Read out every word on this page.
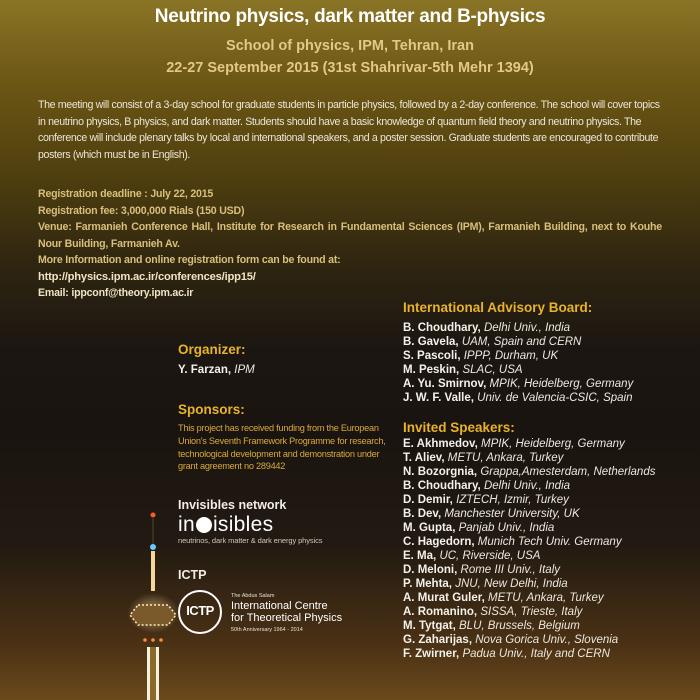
Neutrino physics, dark matter and B-physics
School of physics, IPM, Tehran, Iran
22-27 September 2015 (31st Shahrivar-5th Mehr 1394)
The meeting will consist of a 3-day school for graduate students in particle physics, followed by a 2-day conference. The school will cover topics in neutrino physics, B physics, and dark matter. Students should have a basic knowledge of quantum field theory and neutrino physics. The conference will include plenary talks by local and international speakers, and a poster session. Graduate students are encouraged to contribute posters (which must be in English).
Registration deadline : July 22, 2015
Registration fee: 3,000,000 Rials (150 USD)
Venue: Farmanieh Conference Hall, Institute for Research in Fundamental Sciences (IPM), Farmanieh Building, next to Kouhe Nour Building, Farmanieh Av.
More Information and online registration form can be found at:
http://physics.ipm.ac.ir/conferences/ipp15/
Email: ippconf@theory.ipm.ac.ir
International Advisory Board:
B. Choudhary, Delhi Univ., India
B. Gavela, UAM, Spain and CERN
S. Pascoli, IPPP, Durham, UK
M. Peskin, SLAC, USA
A. Yu. Smirnov, MPIK, Heidelberg, Germany
J. W. F. Valle, Univ. de Valencia-CSIC, Spain
Invited Speakers:
E. Akhmedov, MPIK, Heidelberg, Germany
T. Aliev, METU, Ankara, Turkey
N. Bozorgnia, Grappa,Amesterdam, Netherlands
B. Choudhary, Delhi Univ., India
D. Demir, IZTECH, Izmir, Turkey
B. Dev, Manchester University, UK
M. Gupta, Panjab Univ., India
C. Hagedorn, Munich Tech Univ. Germany
E. Ma, UC, Riverside, USA
D. Meloni, Rome III Univ., Italy
P. Mehta, JNU, New Delhi, India
A. Murat Guler, METU, Ankara, Turkey
A. Romanino, SISSA, Trieste, Italy
M. Tytgat, BLU, Brussels, Belgium
G. Zaharijas, Nova Gorica Univ., Slovenia
F. Zwirner, Padua Univ., Italy and CERN
Organizer:
Y. Farzan, IPM
Sponsors:
This project has received funding from the European Union's Seventh Framework Programme for research, technological development and demonstration under grant agreement no 289442
Invisibles network
in isibles
neutrinos, dark matter & dark energy physics
ICTP
ICTP
The Abdus Salam
International Centre
for Theoretical Physics
50th Anniversary 1964 - 2014
